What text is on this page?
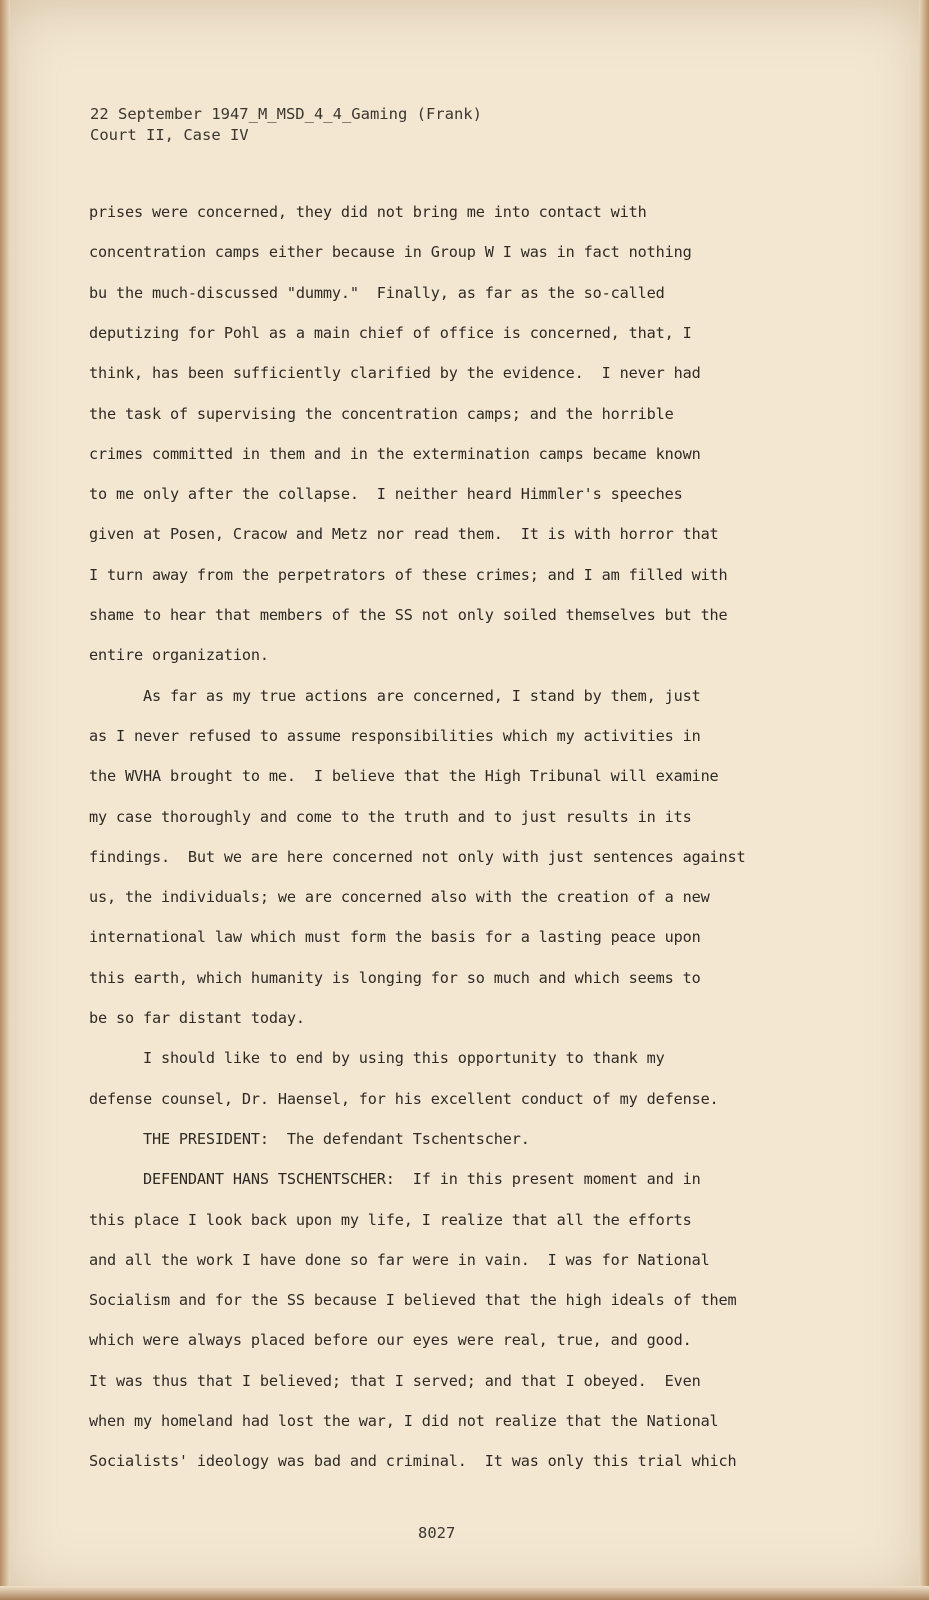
22 September 1947_M_MSD_4_4_Gaming (Frank)
Court II, Case IV
prises were concerned, they did not bring me into contact with
concentration camps either because in Group W I was in fact nothing
bu the much-discussed "dummy."  Finally, as far as the so-called
deputizing for Pohl as a main chief of office is concerned, that, I
think, has been sufficiently clarified by the evidence.  I never had
the task of supervising the concentration camps; and the horrible
crimes committed in them and in the extermination camps became known
to me only after the collapse.  I neither heard Himmler's speeches
given at Posen, Cracow and Metz nor read them.  It is with horror that
I turn away from the perpetrators of these crimes; and I am filled with
shame to hear that members of the SS not only soiled themselves but the
entire organization.
As far as my true actions are concerned, I stand by them, just
as I never refused to assume responsibilities which my activities in
the WVHA brought to me.  I believe that the High Tribunal will examine
my case thoroughly and come to the truth and to just results in its
findings.  But we are here concerned not only with just sentences against
us, the individuals; we are concerned also with the creation of a new
international law which must form the basis for a lasting peace upon
this earth, which humanity is longing for so much and which seems to
be so far distant today.
I should like to end by using this opportunity to thank my
defense counsel, Dr. Haensel, for his excellent conduct of my defense.
THE PRESIDENT:  The defendant Tschentscher.
DEFENDANT HANS TSCHENTSCHER:  If in this present moment and in
this place I look back upon my life, I realize that all the efforts
and all the work I have done so far were in vain.  I was for National
Socialism and for the SS because I believed that the high ideals of them
which were always placed before our eyes were real, true, and good.
It was thus that I believed; that I served; and that I obeyed.  Even
when my homeland had lost the war, I did not realize that the National
Socialists' ideology was bad and criminal.  It was only this trial which
8027
